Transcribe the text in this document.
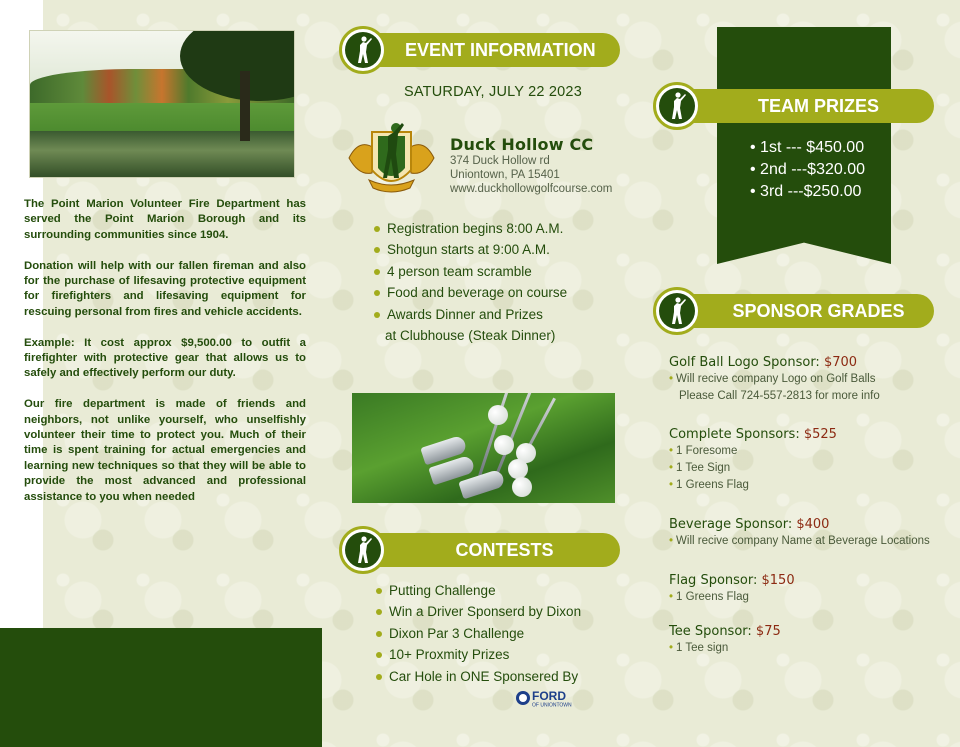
The Point Marion Volunteer Fire Department has served the Point Marion Borough and its surrounding communities since 1904.

Donation will help with our fallen fireman and also for the purchase of lifesaving protective equipment for firefighters and lifesaving equipment for rescuing personal from fires and vehicle accidents.

Example: It cost approx $9,500.00 to outfit a firefighter with protective gear that allows us to safely and effectively perform our duty.

Our fire department is made of friends and neighbors, not unlike yourself, who unselfishly volunteer their time to protect you. Much of their time is spent training for actual emergencies and learning new techniques so that they will be able to provide the most advanced and professional assistance to you when needed

EVENT INFORMATION
SATURDAY, JULY 22 2023
Duck Hollow CC
374 Duck Hollow rd
Uniontown, PA 15401
www.duckhollowgolfcourse.com
Registration begins 8:00 A.M.
Shotgun starts at 9:00 A.M.
4 person team scramble
Food and beverage on course
Awards Dinner and Prizes
at Clubhouse (Steak Dinner)
CONTESTS
Putting Challenge
Win a Driver Sponserd by Dixon
Dixon Par 3 Challenge
10+ Proxmity Prizes
Car Hole in ONE Sponsered By
FORD
OF UNIONTOWN
TEAM PRIZES
• 1st --- $450.00
• 2nd ---$320.00
• 3rd ---$250.00
SPONSOR GRADES
Golf Ball Logo Sponsor: $700
• Will recive company Logo on Golf Balls
Please Call 724-557-2813 for more info
Complete Sponsors: $525
• 1 Foresome
• 1 Tee Sign
• 1 Greens Flag
Beverage Sponsor: $400
• Will recive company Name at Beverage Locations
Flag Sponsor: $150
• 1 Greens Flag
Tee Sponsor: $75
• 1 Tee sign
